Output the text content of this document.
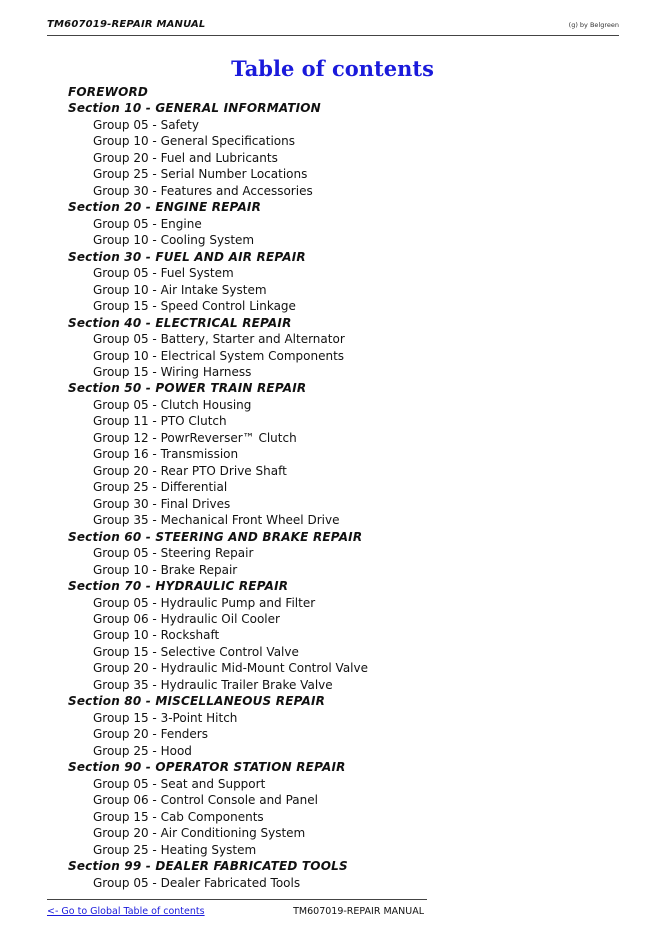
TM607019-REPAIR MANUAL	(g) by Belgreen
Table of contents
FOREWORD
Section 10 - GENERAL INFORMATION
Group 05 - Safety
Group 10 - General Specifications
Group 20 - Fuel and Lubricants
Group 25 - Serial Number Locations
Group 30 - Features and Accessories
Section 20 - ENGINE REPAIR
Group 05 - Engine
Group 10 - Cooling System
Section 30 - FUEL AND AIR REPAIR
Group 05 - Fuel System
Group 10 - Air Intake System
Group 15 - Speed Control Linkage
Section 40 - ELECTRICAL REPAIR
Group 05 - Battery, Starter and Alternator
Group 10 - Electrical System Components
Group 15 - Wiring Harness
Section 50 - POWER TRAIN REPAIR
Group 05 - Clutch Housing
Group 11 - PTO Clutch
Group 12 - PowrReverser™ Clutch
Group 16 - Transmission
Group 20 - Rear PTO Drive Shaft
Group 25 - Differential
Group 30 - Final Drives
Group 35 - Mechanical Front Wheel Drive
Section 60 - STEERING AND BRAKE REPAIR
Group 05 - Steering Repair
Group 10 - Brake Repair
Section 70 - HYDRAULIC REPAIR
Group 05 - Hydraulic Pump and Filter
Group 06 - Hydraulic Oil Cooler
Group 10 - Rockshaft
Group 15 - Selective Control Valve
Group 20 - Hydraulic Mid-Mount Control Valve
Group 35 - Hydraulic Trailer Brake Valve
Section 80 - MISCELLANEOUS REPAIR
Group 15 - 3-Point Hitch
Group 20 - Fenders
Group 25 - Hood
Section 90 - OPERATOR STATION REPAIR
Group 05 - Seat and Support
Group 06 - Control Console and Panel
Group 15 - Cab Components
Group 20 - Air Conditioning System
Group 25 - Heating System
Section 99 - DEALER FABRICATED TOOLS
Group 05 - Dealer Fabricated Tools
<- Go to Global Table of contents	TM607019-REPAIR MANUAL
